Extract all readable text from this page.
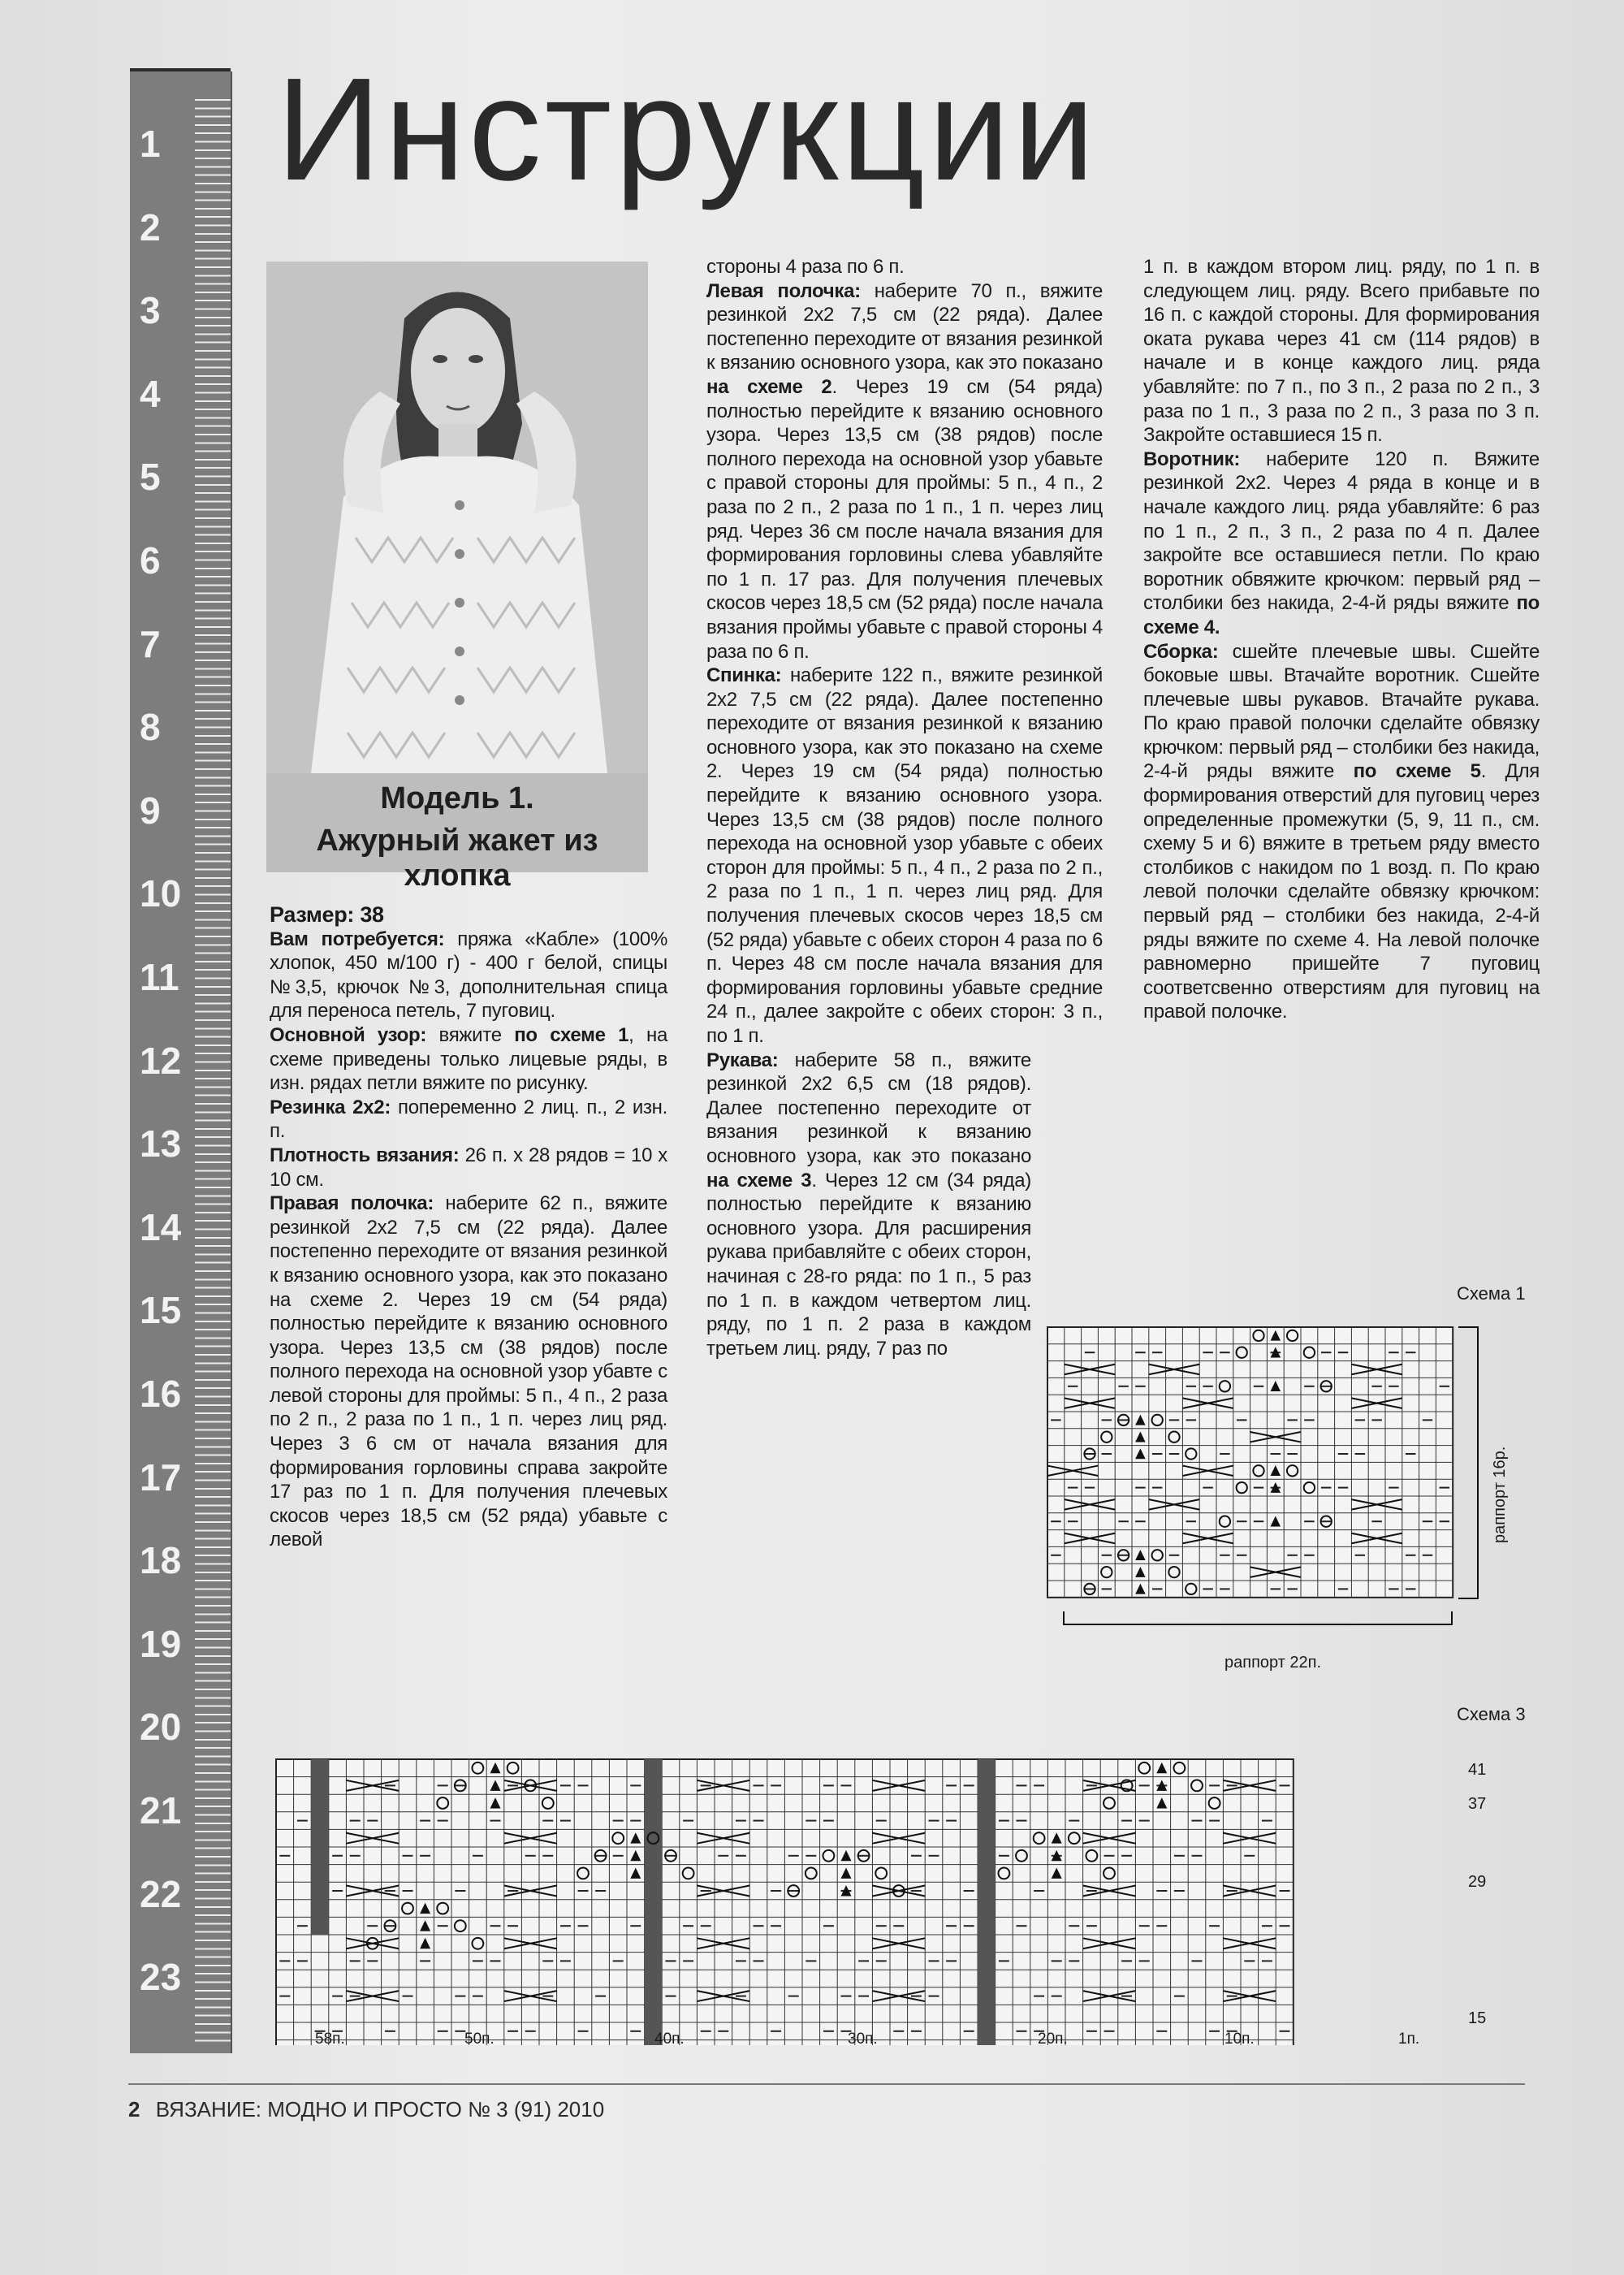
Инструкции
Модель 1.
Ажурный жакет из хлопка

Размер: 38

Вам потребуется: пряжа «Кабле» (100% хлопок, 450 м/100 г) - 400 г белой, спицы №3,5, крючок №3, дополнительная спица для переноса петель, 7 пуговиц.

Основной узор: вяжите по схеме 1, на схеме приведены только лицевые ряды, в изн. рядах петли вяжите по рисунку.

Резинка 2х2: попеременно 2 лиц. п., 2 изн. п.

Плотность вязания: 26 п. х 28 рядов = 10 х 10 см.

Правая полочка: наберите 62 п., вяжите резинкой 2х2 7,5 см (22 ряда). Далее постепенно переходите от вязания резинкой к вязанию основного узора, как это показано на схеме 2. Через 19 см (54 ряда) полностью перейдите к вязанию основного узора. Через 13,5 см (38 рядов) после полного перехода на основной узор убавте с левой стороны для проймы: 5 п., 4 п., 2 раза по 2 п., 2 раза по 1 п., 1 п. через лиц ряд. Через 3 6 см от начала вязания для формирования горловины справа закройте 17 раз по 1 п. Для получения плечевых скосов через 18,5 см (52 ряда) убавьте с левой

стороны 4 раза по 6 п.

Левая полочка: наберите 70 п., вяжите резинкой 2х2 7,5 см (22 ряда). Далее постепенно переходите от вязания резинкой к вязанию основного узора, как это показано на схеме 2. Через 19 см (54 ряда) полностью перейдите к вязанию основного узора. Через 13,5 см (38 рядов) после полного перехода на основной узор убавьте с правой стороны для проймы: 5 п., 4 п., 2 раза по 2 п., 2 раза по 1 п., 1 п. через лиц ряд. Через 36 см после начала вязания для формирования горловины слева убавляйте по 1 п. 17 раз. Для получения плечевых скосов через 18,5 см (52 ряда) после начала вязания проймы убавьте с правой стороны 4 раза по 6 п.

Спинка: наберите 122 п., вяжите резинкой 2х2 7,5 см (22 ряда). Далее постепенно переходите от вязания резинкой к вязанию основного узора, как это показано на схеме 2. Через 19 см (54 ряда) полностью перейдите к вязанию основного узора. Через 13,5 см (38 рядов) после полного перехода на основной узор убавьте с обеих сторон для проймы: 5 п., 4 п., 2 раза по 2 п., 2 раза по 1 п., 1 п. через лиц ряд. Для получения плечевых скосов через 18,5 см (52 ряда) убавьте с обеих сторон 4 раза по 6 п. Через 48 см после начала вязания для формирования горловины убавьте средние 24 п., далее закройте с обеих сторон: 3 п., по 1 п.

Рукава: наберите 58 п., вяжите резинкой 2х2 6,5 см (18 рядов). Далее постепенно переходите от вязания резинкой к вязанию основного узора, как это показано на схеме 3. Через 12 см (34 ряда) полностью перейдите к вязанию основного узора. Для расширения рукава прибавляйте с обеих сторон, начиная с 28-го ряда: по 1 п., 5 раз по 1 п. в каждом четвертом лиц. ряду, по 1 п. 2 раза в каждом третьем лиц. ряду, 7 раз по

1 п. в каждом втором лиц. ряду, по 1 п. в следующем лиц. ряду. Всего прибавьте по 16 п. с каждой стороны. Для формирования оката рукава через 41 см (114 рядов) в начале и в конце каждого лиц. ряда убавляйте: по 7 п., по 3 п., 2 раза по 2 п., 3 раза по 1 п., 3 раза по 2 п., 3 раза по 3 п. Закройте оставшиеся 15 п.

Воротник: наберите 120 п. Вяжите резинкой 2х2. Через 4 ряда в конце и в начале каждого лиц. ряда убавляйте: 6 раз по 1 п., 2 п., 3 п., 2 раза по 4 п. Далее закройте все оставшиеся петли. По краю воротник обвяжите крючком: первый ряд – столбики без накида, 2-4-й ряды вяжите по схеме 4.

Сборка: сшейте плечевые швы. Сшейте боковые швы. Втачайте воротник. Сшейте плечевые швы рукавов. Втачайте рукава. По краю правой полочки сделайте обвязку крючком: первый ряд – столбики без накида, 2-4-й ряды вяжите по схеме 5. Для формирования отверстий для пуговиц через определенные промежутки (5, 9, 11 п., см. схему 5 и 6) вяжите в третьем ряду вместо столбиков с накидом по 1 возд. п. По краю левой полочки сделайте обвязку крючком: первый ряд – столбики без накида, 2-4-й ряды вяжите по схеме 4. На левой полочке равномерно пришейте 7 пуговиц соответсвенно отверстиям для пуговиц на правой полочке.

Схема 1
раппорт 22п.
раппорт 16р.
Схема 3
2 ВЯЗАНИЕ: МОДНО И ПРОСТО № 3 (91) 2010
1
2
3
4
5
6
7
8
9
10
11
12
13
14
15
16
17
18
19
20
21
22
23
41
37
29
15
58п.	50п.	40п.	30п.	20п.	10п.	1п.
